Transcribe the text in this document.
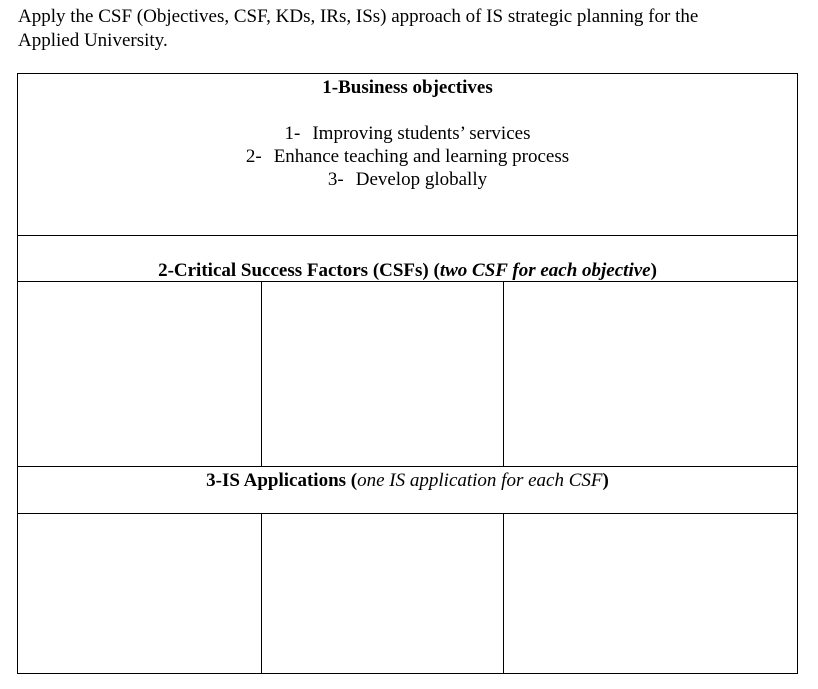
Apply the CSF (Objectives, CSF, KDs, IRs, ISs) approach of IS strategic planning for the
Applied University.
1-Business objectives
1- Improving students’ services
2- Enhance teaching and learning process
3- Develop globally
2-Critical Success Factors (CSFs) (two CSF for each objective)
3-IS Applications (one IS application for each CSF)
